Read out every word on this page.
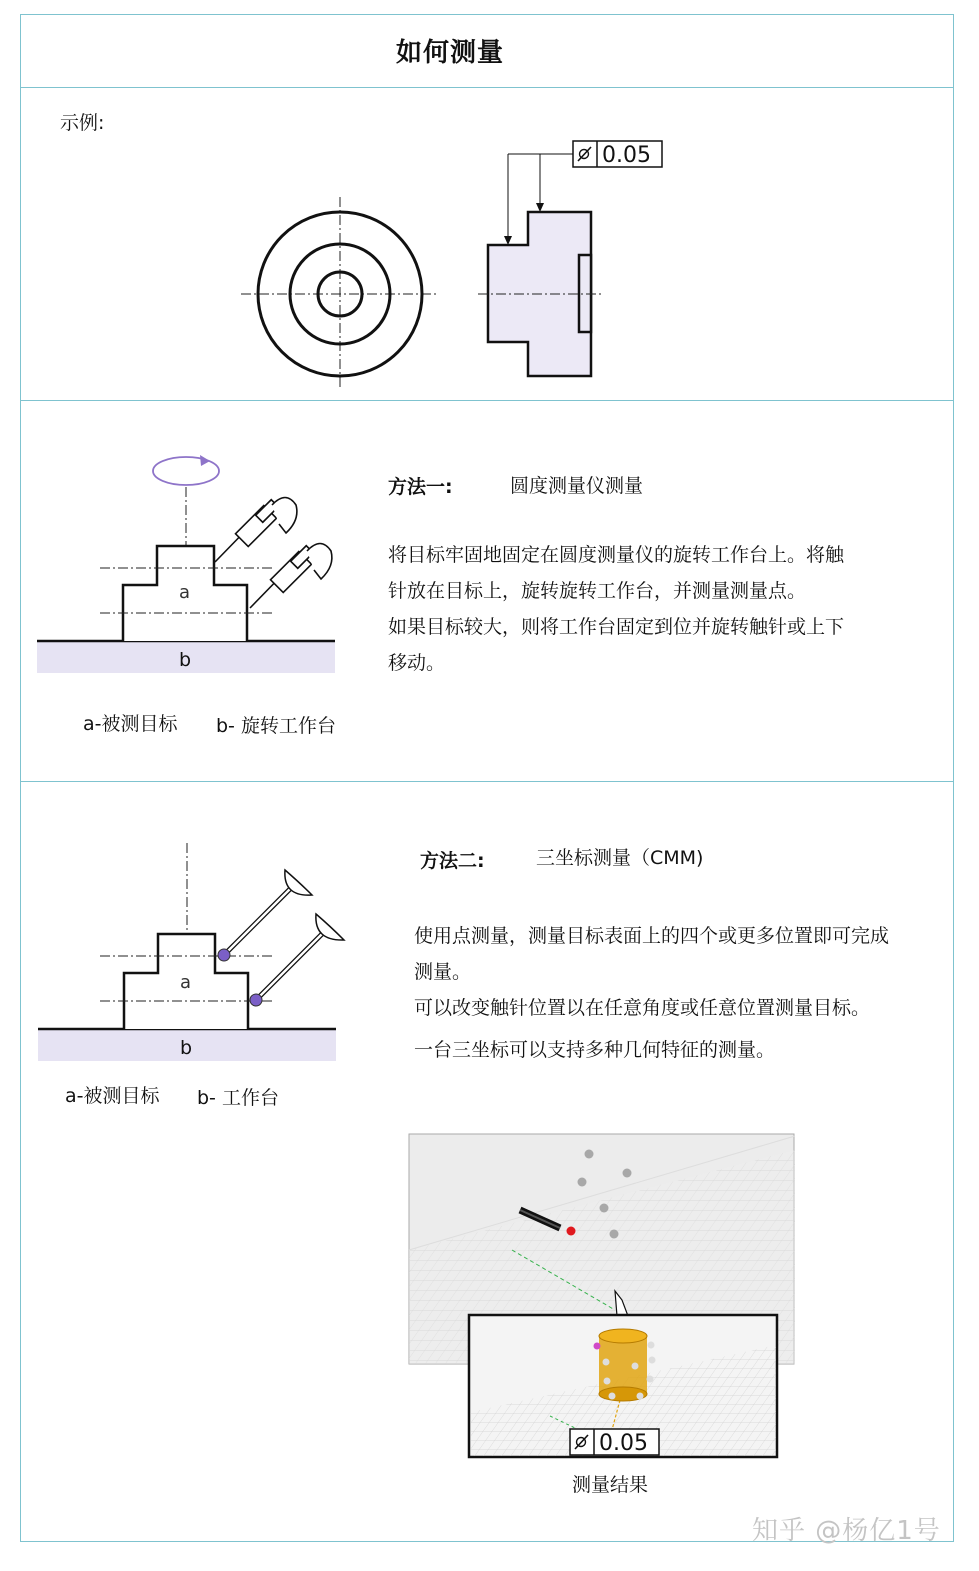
如何测量
示例:
0.05
a
b
a-被测目标 b- 旋转工作台
方法一:	圆度测量仪测量
将目标牢固地固定在圆度测量仪的旋转工作台上。将触
针放在目标上，旋转旋转工作台，并测量测量点。
如果目标较大，则将工作台固定到位并旋转触针或上下
移动。
a
b
a-被测目标 b- 工作台
方法二:	三坐标测量（CMM)
使用点测量，测量目标表面上的四个或更多位置即可完成
测量。
可以改变触针位置以在任意角度或任意位置测量目标。
一台三坐标可以支持多种几何特征的测量。
0.05
测量结果
知乎 @杨亿1号
